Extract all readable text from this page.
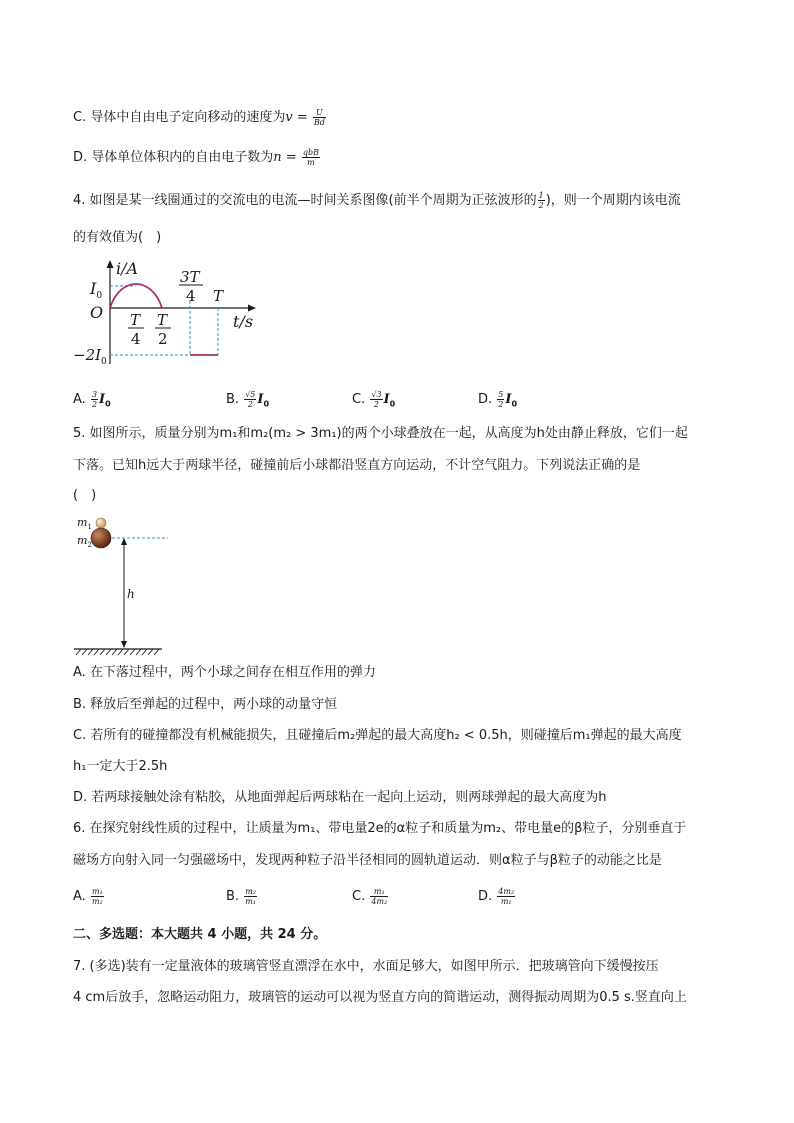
C. 导体中自由电子定向移动的速度为$v = \frac{U}{Bd}$
D. 导体单位体积内的自由电子数为$n = \frac{\text{qbB}}{m}$
4. 如图是某一线圈通过的交流电的电流—时间关系图像(前半个周期为正弦波形的 $\frac{1}{2}$ )，则一个周期内该电流
的有效值为(　)
i/A
O
$I_0$
$-2I_0$
t/s
T
4
T
2
3T
4 T
A. $\frac{3}{2} I_0$	B. $\frac{√5}{2} I_0$	C. $\frac{√3}{2} I_0$	D. $\frac{5}{2} I_0$
5. 如图所示，质量分别为m₁和m₂(m₂ > 3m₁)的两个小球叠放在一起，从高度为h处由静止释放，它们一起
下落。已知h远大于两球半径，碰撞前后小球都沿竖直方向运动，不计空气阻力。下列说法正确的是
(　)
$m_1$
$m_2$
h
A. 在下落过程中，两个小球之间存在相互作用的弹力
B. 释放后至弹起的过程中，两小球的动量守恒
C. 若所有的碰撞都没有机械能损失，且碰撞后m₂弹起的最大高度h₂ < 0.5h，则碰撞后m₁弹起的最大高度
h₁一定大于2.5h
D. 若两球接触处涂有粘胶，从地面弹起后两球粘在一起向上运动，则两球弹起的最大高度为h
6. 在探究射线性质的过程中，让质量为m₁、带电量2e的α粒子和质量为m₂、带电量e的β粒子，分别垂直于
磁场方向射入同一匀强磁场中，发现两种粒子沿半径相同的圆轨道运动．则α粒子与β粒子的动能之比是
A. $\frac{\text{m₁}}{\text{m₂}}$	B. $\frac{\text{m₂}}{\text{m₁}}$	C. $\frac{\text{m₁}}{\text{4m₂}}$	D. $\frac{\text{4m₂}}{\text{m₁}}$
二、多选题：本大题共 4 小题，共 24 分。
7. (多选)装有一定量液体的玻璃管竖直漂浮在水中，水面足够大，如图甲所示．把玻璃管向下缓慢按压
4 cm后放手，忽略运动阻力，玻璃管的运动可以视为竖直方向的简谐运动，测得振动周期为0.5 s.竖直向上
